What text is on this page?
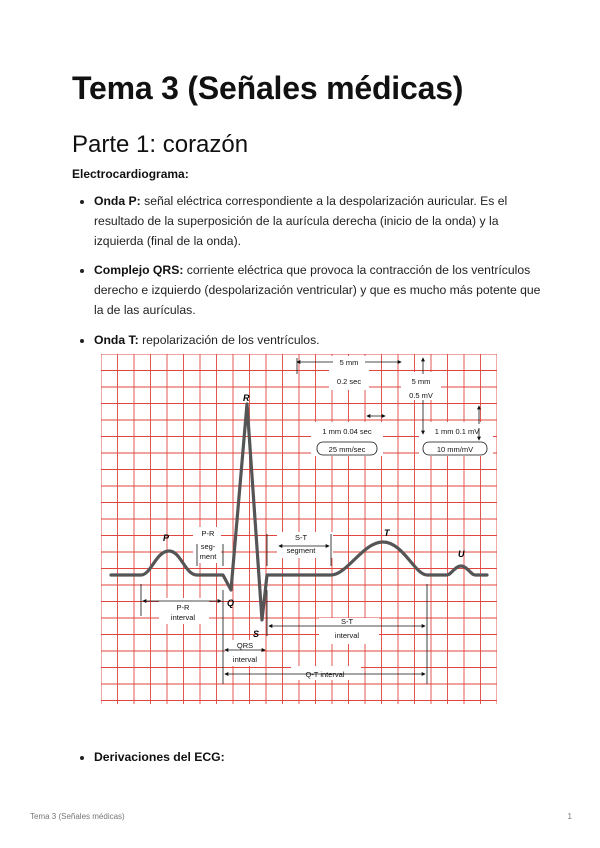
Tema 3 (Señales médicas)
Parte 1: corazón
Electrocardiograma:
Onda P: señal eléctrica correspondiente a la despolarización auricular. Es el resultado de la superposición de la aurícula derecha (inicio de la onda) y la izquierda (final de la onda).
Complejo QRS: corriente eléctrica que provoca la contracción de los ventrículos derecho e izquierdo (despolarización ventricular) y que es mucho más potente que la de las aurículas.
Onda T: repolarización de los ventrículos.
R
P	T
U
Q
S
P-R
seg-
ment
S-T
segment
P-R
interval	S-T
interval
QRS
interval
Q-T interval
5 mm
0.2 sec	5 mm
0.5 mV
1 mm 0.04 sec	1 mm 0.1 mV
25 mm/sec	10 mm/mV
Derivaciones del ECG:
Tema 3 (Señales médicas)	1
